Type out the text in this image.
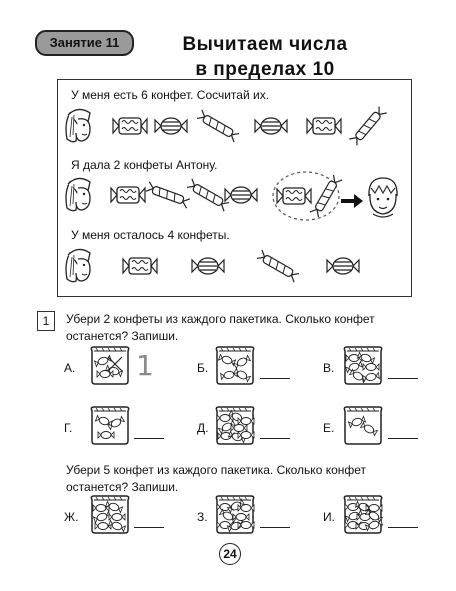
Занятие 11	Вычитаем числа
в пределах 10
У меня есть 6 конфет. Сосчитай их.
Я дала 2 конфеты Антону.
У меня осталось 4 конфеты.
1	Убери 2 конфеты из каждого пакетика. Сколько конфет останется? Запиши.
А. 1	Б.	В.
Г.	Д.	Е.
Убери 5 конфет из каждого пакетика. Сколько конфет останется? Запиши.
Ж.	З.	И.
24
